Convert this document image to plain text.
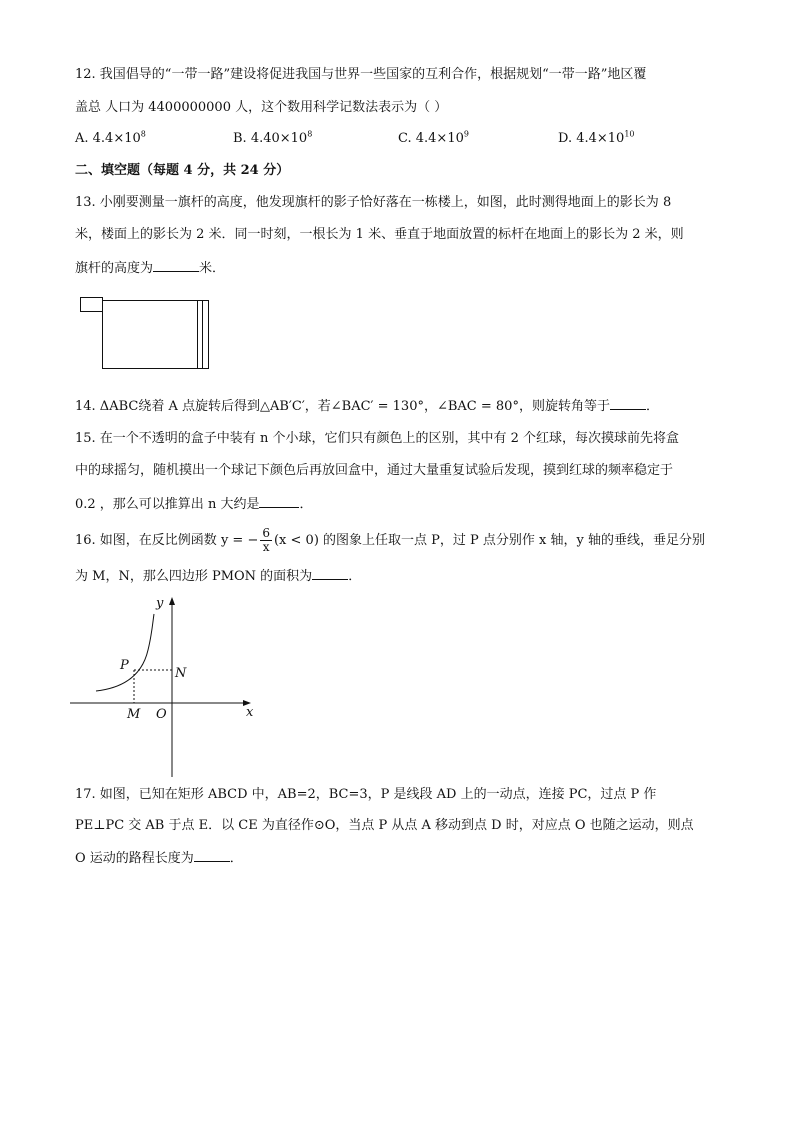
12. 我国倡导的“一带一路”建设将促进我国与世界一些国家的互利合作，根据规划“一带一路”地区覆
盖总 人口为 4400000000 人，这个数用科学记数法表示为（ ）
A. $4.4\times 10^8$	B. $4.40\times 10^8$	C. $4.4\times 10^9$	D. $4.4\times 10^{10}$
二、填空题（每题 4 分，共 24 分）
13. 小刚要测量一旗杆的高度，他发现旗杆的影子恰好落在一栋楼上，如图，此时测得地面上的影长为 8
米，楼面上的影长为 2 米．同一时刻，一根长为 1 米、垂直于地面放置的标杆在地面上的影长为 2 米，则
旗杆的高度为	米．
14. ΔABC绕着 A 点旋转后得到△AB′C′，若∠BAC′ = 130°，∠BAC = 80°，则旋转角等于	．
15. 在一个不透明的盒子中装有 n 个小球，它们只有颜色上的区别，其中有 2 个红球，每次摸球前先将盒
中的球摇匀，随机摸出一个球记下颜色后再放回盒中，通过大量重复试验后发现，摸到红球的频率稳定于
0.2 ，那么可以推算出 n 大约是	．
16. 如图，在反比例函数 y = − $\frac{6}{x} (x < 0)$ 的图象上任取一点 P，过 P 点分别作 x 轴，y 轴的垂线，垂足分别
为 M，N，那么四边形 PMON 的面积为	．
y
x
P
N
M O
17. 如图，已知在矩形 ABCD 中，AB=2，BC=3，P 是线段 AD 上的一动点，连接 PC，过点 P 作
PE⊥PC 交 AB 于点 E．以 CE 为直径作⊙O，当点 P 从点 A 移动到点 D 时，对应点 O 也随之运动，则点
O 运动的路程长度为	．
